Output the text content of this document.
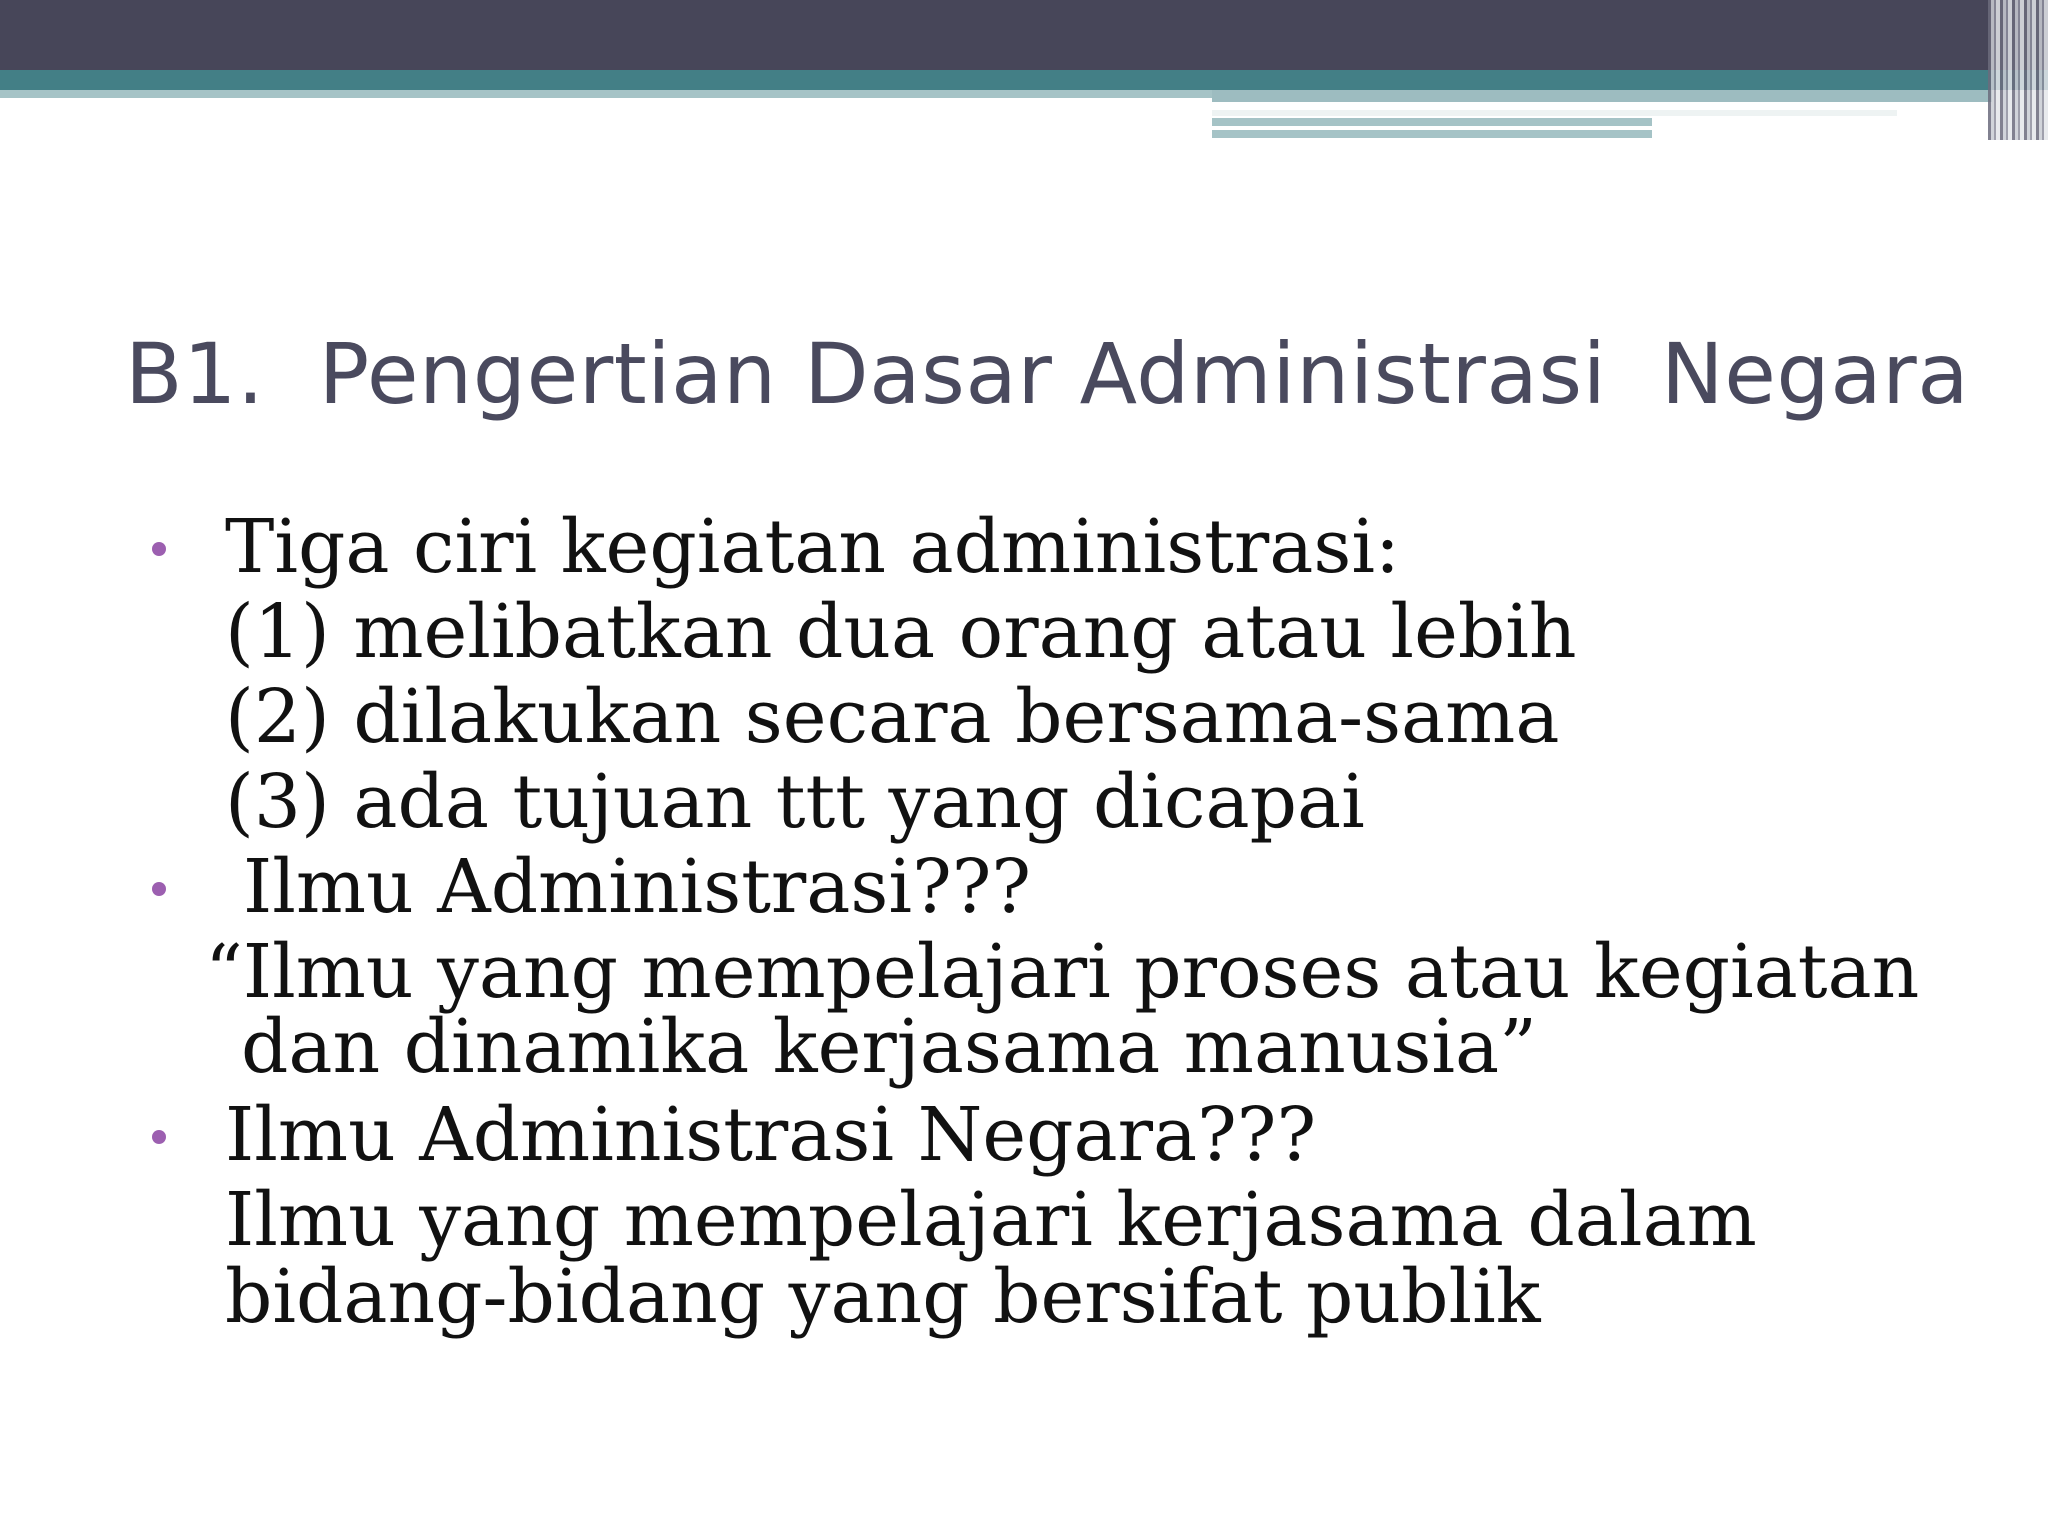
B1.  Pengertian Dasar Administrasi  Negara

Tiga ciri kegiatan administrasi:

(1) melibatkan dua orang atau lebih

(2) dilakukan secara bersama-sama

(3) ada tujuan ttt yang dicapai

Ilmu Administrasi???

“Ilmu yang mempelajari proses atau kegiatan

dan dinamika kerjasama manusia”

Ilmu Administrasi Negara???

Ilmu yang mempelajari kerjasama dalam

bidang-bidang yang bersifat publik
